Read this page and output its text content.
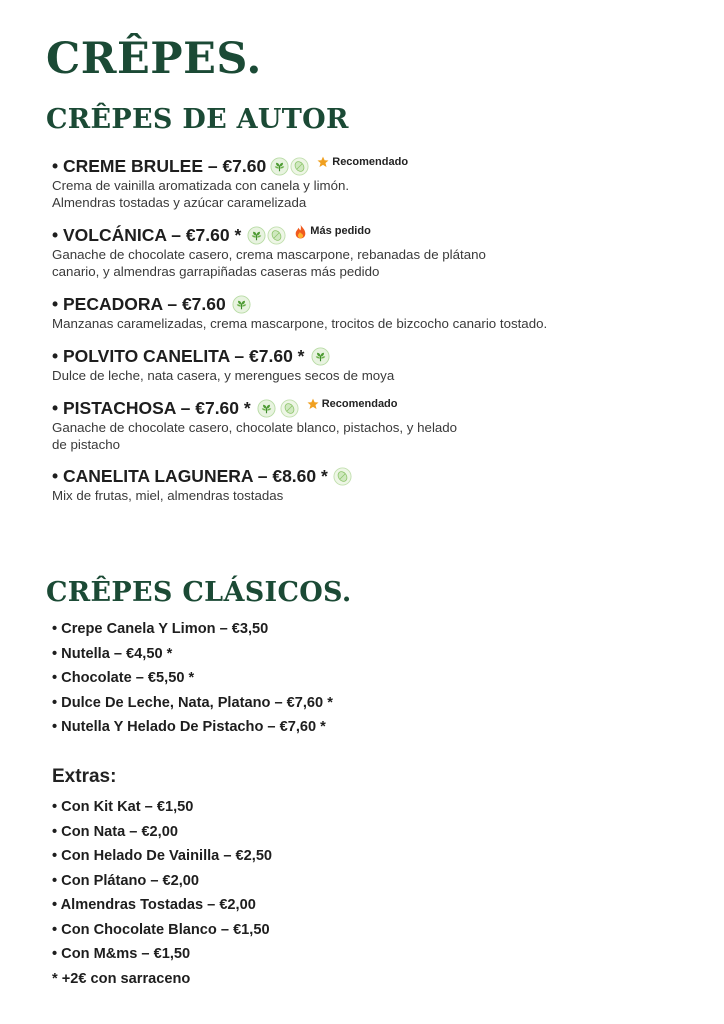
CRÊPES.
CRÊPES DE AUTOR
• CREME BRULEE – €7.60	Recomendado
Crema de vainilla aromatizada con canela y limón.
Almendras tostadas y azúcar caramelizada
• VOLCÁNICA – €7.60 *	Más pedido
Ganache de chocolate casero, crema mascarpone, rebanadas de plátano
canario, y almendras garrapiñadas caseras más pedido
• PECADORA – €7.60
Manzanas caramelizadas, crema mascarpone, trocitos de bizcocho canario tostado.
• POLVITO CANELITA – €7.60 *
Dulce de leche, nata casera, y merengues secos de moya
• PISTACHOSA – €7.60 *	Recomendado
Ganache de chocolate casero, chocolate blanco, pistachos, y helado
de pistacho
• CANELITA LAGUNERA – €8.60 *
Mix de frutas, miel, almendras tostadas
CRÊPES CLÁSICOS.
• Crepe Canela Y Limon – €3,50
• Nutella – €4,50 *
• Chocolate – €5,50 *
• Dulce De Leche, Nata, Platano – €7,60 *
• Nutella Y Helado De Pistacho – €7,60 *
Extras:
• Con Kit Kat – €1,50
• Con Nata – €2,00
• Con Helado De Vainilla – €2,50
• Con Plátano – €2,00
• Almendras Tostadas – €2,00
• Con Chocolate Blanco – €1,50
• Con M&ms – €1,50
* +2€ con sarraceno
